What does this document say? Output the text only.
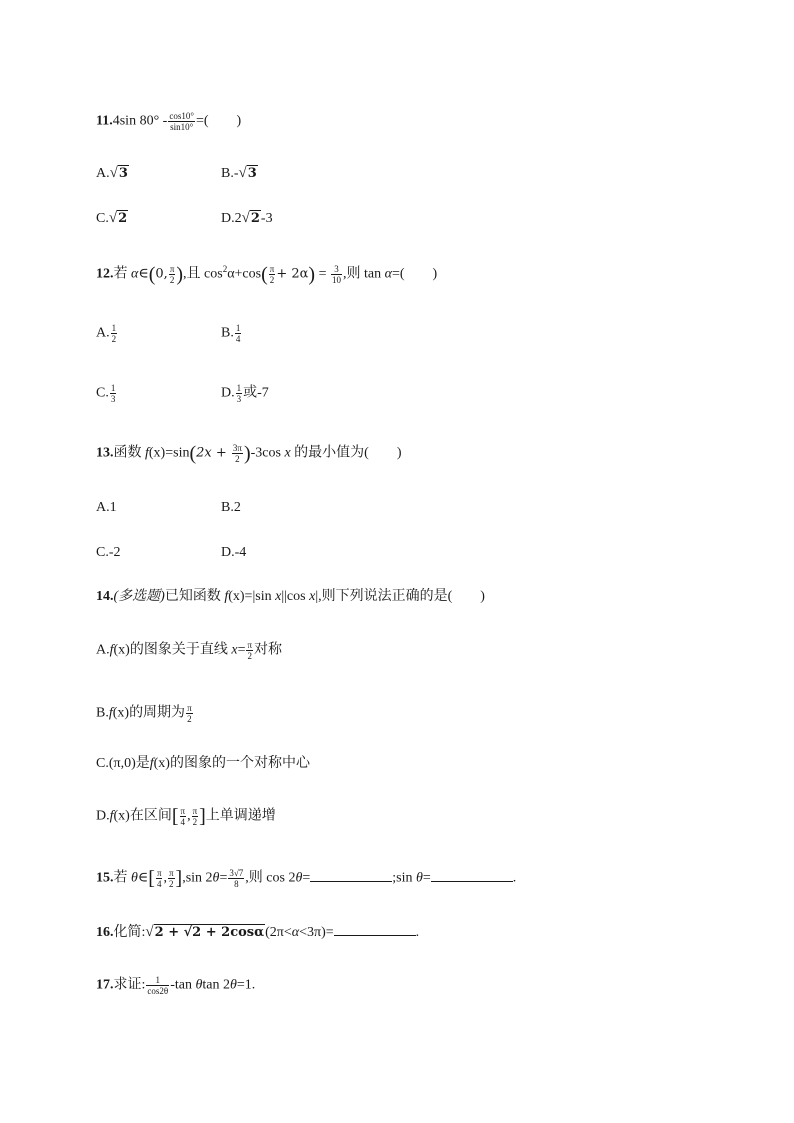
11.4sin $80^\circ - \frac{\cos 10^\circ}{\sin 10^\circ}$ =(　　)
A.√3	B.-√3
C.√2	D.2√2-3
12.若 α∈(0, $\frac{\pi}{2}$ ),且 $\cos^2\alpha+\cos( \frac{\pi}{2} + 2\alpha) = \frac{3}{10}$ ,则 tan α=(　　)
A. $\frac{1}{2}$	B. $\frac{1}{4}$
C. $\frac{1}{3}$	D. $\frac{1}{3}$ 或-7
13.函数 $f(x)=\sin(2x + \frac{3\pi}{2} )-3\cos$ x 的最小值为(　　)
A.1	B.2
C.-2	D.-4
14.(多选题)已知函数 f(x)=|sin x||cos x|,则下列说法正确的是(　　)
A.f(x)的图象关于直线 $x= \frac{\pi}{2}$ 对称
B.f(x)的周期为 $\frac{\pi}{2}$
C.(π,0)是f(x)的图象的一个对称中心
D.f(x)在区间[ $\frac{\pi}{4}$ , $\frac{\pi}{2}$ ]上单调递增
15.若 θ∈[ $\frac{\pi}{4}$ , $\frac{\pi}{2} ],\sin$ $2\theta= \frac{3√7}{8}$ ,则 cos 2θ=	;sin θ=	.
16.化简:√2 + √2 + 2cosα(2π<α<3π)=	.
17.求证: $\frac{1}{\cos 2\theta} -\tan$ θtan 2θ=1.
